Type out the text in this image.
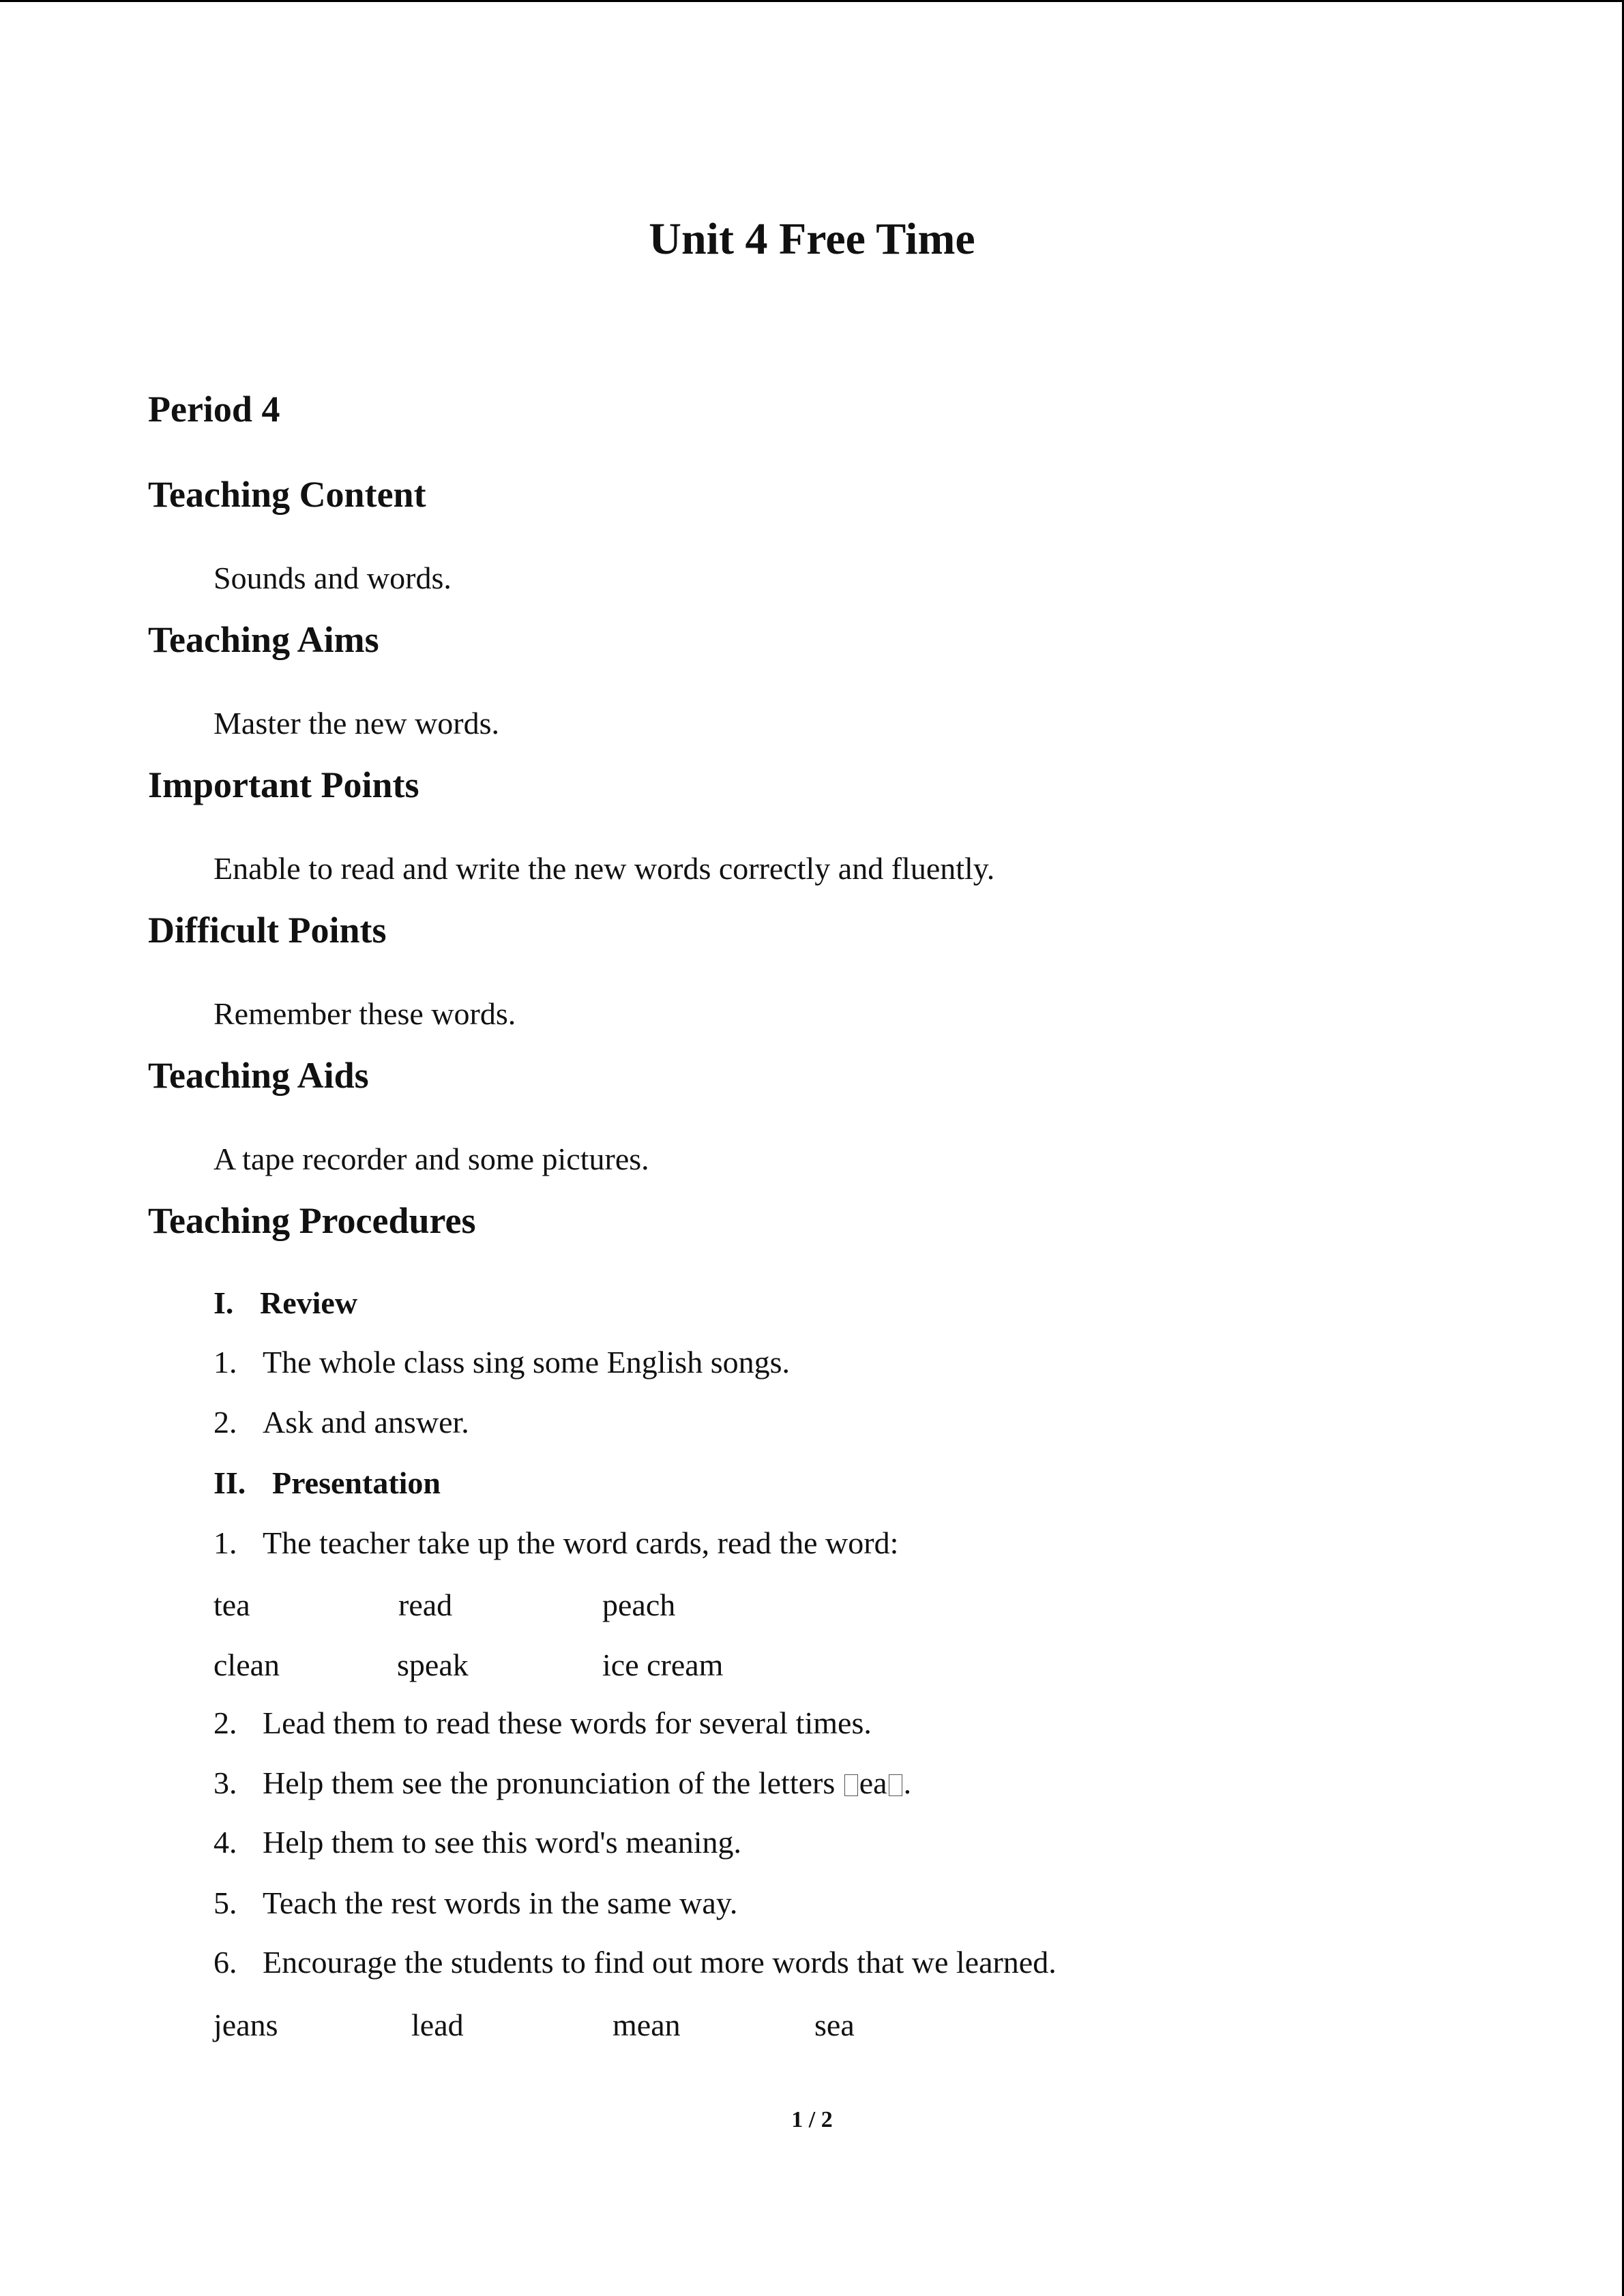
Unit 4 Free Time
Period 4
Teaching Content
Sounds and words.
Teaching Aims
Master the new words.
Important Points
Enable to read and write the new words correctly and fluently.
Difficult Points
Remember these words.
Teaching Aids
A tape recorder and some pictures.
Teaching Procedures
I. Review
1. The whole class sing some English songs.
2. Ask and answer.
II. Presentation
1. The teacher take up the word cards, read the word:
tea	read	peach
clean	speak	ice cream
2. Lead them to read these words for several times.
3. Help them see the pronunciation of the letters ea .
4. Help them to see this word's meaning.
5. Teach the rest words in the same way.
6. Encourage the students to find out more words that we learned.
jeans	lead	mean	sea
1 / 2
